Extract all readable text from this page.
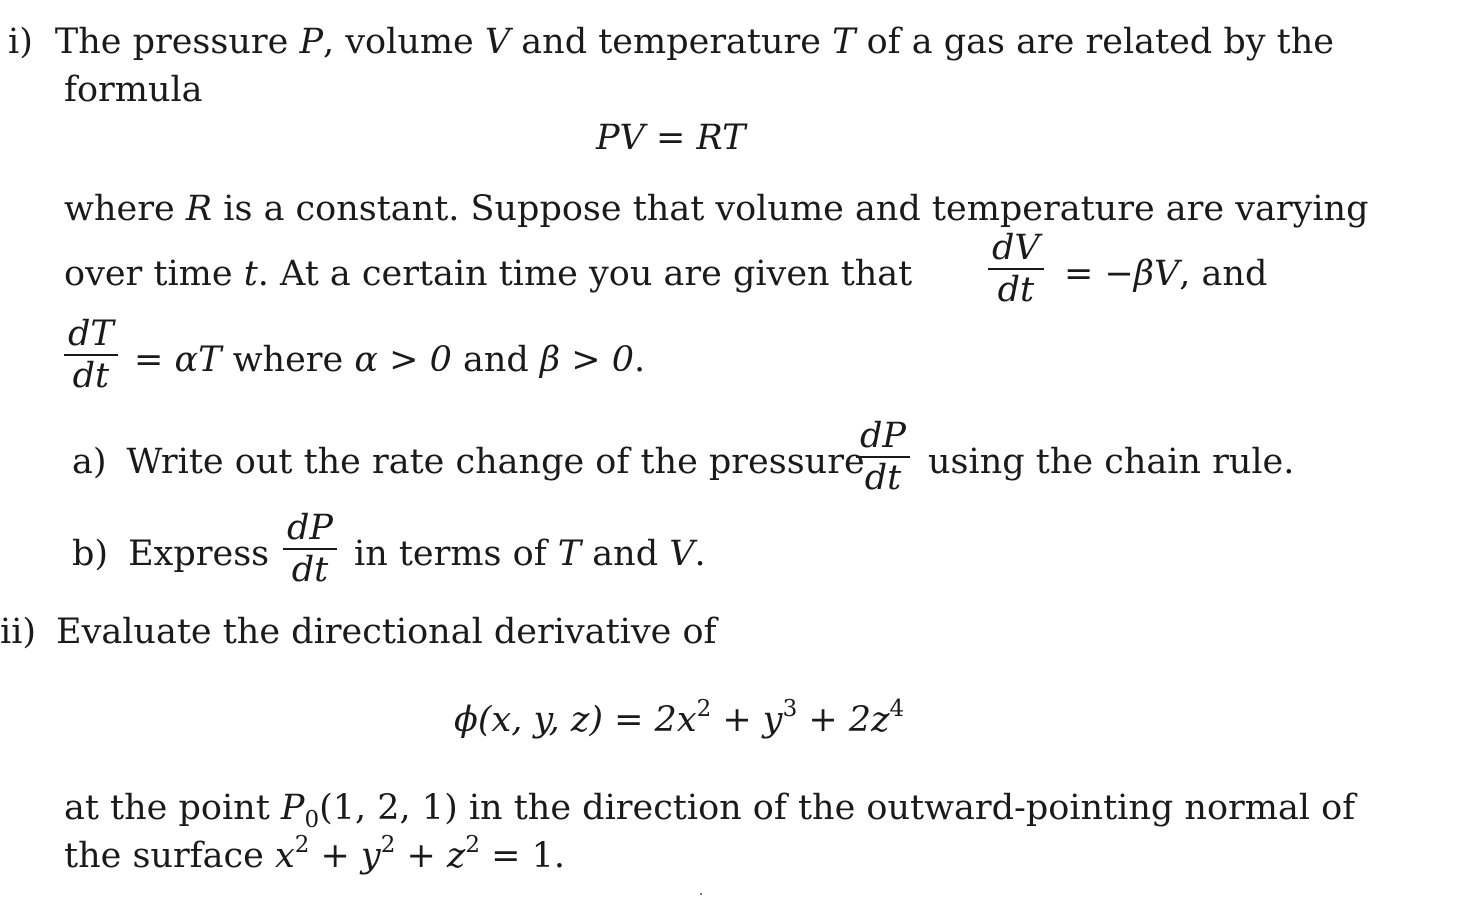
i) The pressure P, volume V and temperature T of a gas are related by the
formula
PV = RT
where R is a constant. Suppose that volume and temperature are varying
over time t. At a certain time you are given that $\frac{dV}{dt} = -\beta V$, and
$\frac{dT}{dt} = \alpha T$ where α > 0 and β > 0.
a) Write out the rate change of the pressure
$\frac{dP}{dt}$ using the chain rule.
b) Express $\frac{dP}{dt}$ in terms of T and V.
ii) Evaluate the directional derivative of
ϕ(x, y, $z) = 2x^2 + y^3 + 2z^4$
at the point $P_0(1$, 2, 1) in the direction of the outward-pointing normal of
the surface $x^2 + y^2 + z^2 = 1$.
